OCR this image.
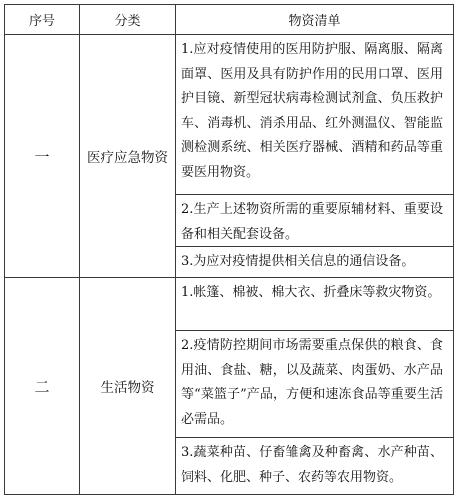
序号	分类	物资清单
一	医疗应急物资
1.应对疫情使用的医用防护服、隔离服、隔离面罩、医用及具有防护作用的民用口罩、医用护目镜、新型冠状病毒检测试剂盒、负压救护车、消毒机、消杀用品、红外测温仪、智能监测检测系统、相关医疗器械、酒精和药品等重要医用物资。
2.生产上述物资所需的重要原辅材料、重要设备和相关配套设备。
3.为应对疫情提供相关信息的通信设备。
二	生活物资
1.帐篷、棉被、棉大衣、折叠床等救灾物资。
2.疫情防控期间市场需要重点保供的粮食、食用油、食盐、糖，以及蔬菜、肉蛋奶、水产品等“菜篮子”产品，方便和速冻食品等重要生活必需品。
3.蔬菜种苗、仔畜雏禽及种畜禽、水产种苗、饲料、化肥、种子、农药等农用物资。
